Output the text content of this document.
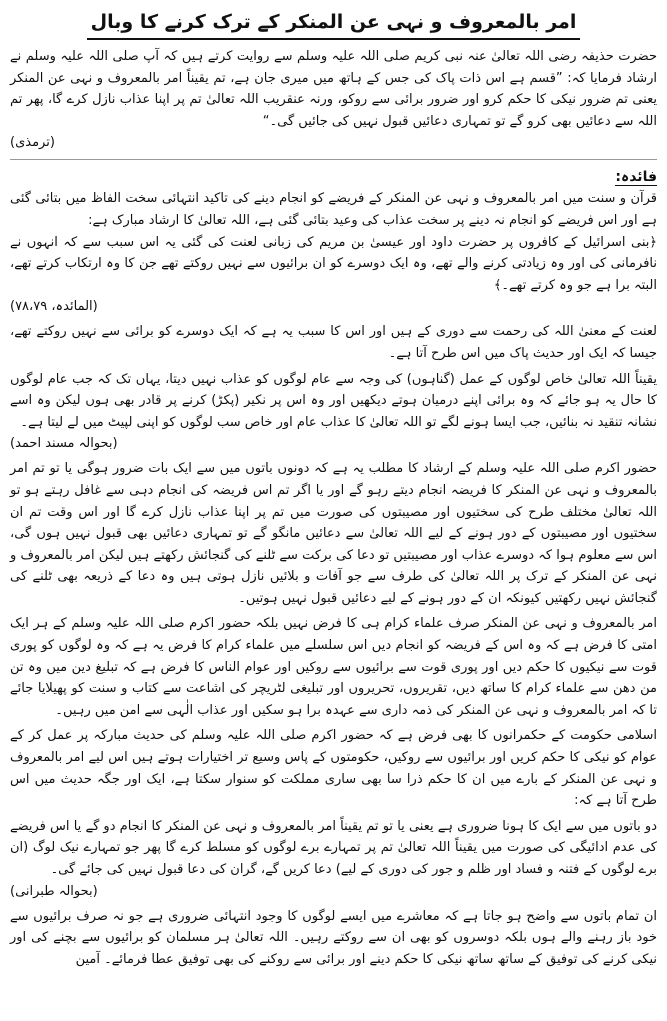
امر بالمعروف و نہی عن المنکر کے ترک کرنے کا وبال

حضرت حذیفہ رضی اللہ تعالیٰ عنہ نبی کریم صلی اللہ علیہ وسلم سے روایت کرتے ہیں کہ آپ صلی اللہ علیہ وسلم نے ارشاد فرمایا کہ: ”قسم ہے اس ذات پاک کی جس کے ہاتھ میں میری جان ہے، تم یقیناً امر بالمعروف و نہی عن المنکر یعنی تم ضرور نیکی کا حکم کرو اور ضرور برائی سے روکو، ورنہ عنقریب اللہ تعالیٰ تم پر اپنا عذاب نازل کرے گا، پھر تم اللہ سے دعائیں بھی کرو گے تو تمہاری دعائیں قبول نہیں کی جائیں گی۔“

(ترمذی)
فائدہ:

قرآن و سنت میں امر بالمعروف و نہی عن المنکر کے فریضے کو انجام دینے کی تاکید انتہائی سخت الفاظ میں بتائی گئی ہے اور اس فریضے کو انجام نہ دینے پر سخت عذاب کی وعید بتائی گئی ہے، اللہ تعالیٰ کا ارشاد مبارک ہے:

﴿بنی اسرائیل کے کافروں پر حضرت داود اور عیسیٰ بن مریم کی زبانی لعنت کی گئی یہ اس سبب سے کہ انہوں نے نافرمانی کی اور وہ زیادتی کرنے والے تھے، وہ ایک دوسرے کو ان برائیوں سے نہیں روکتے تھے جن کا وہ ارتکاب کرتے تھے، البتہ برا ہے جو وہ کرتے تھے۔﴾

(المائدہ، ۷۸،۷۹)

لعنت کے معنیٰ اللہ کی رحمت سے دوری کے ہیں اور اس کا سبب یہ ہے کہ ایک دوسرے کو برائی سے نہیں روکتے تھے، جیسا کہ ایک اور حدیث پاک میں اس طرح آتا ہے۔

یقیناً اللہ تعالیٰ خاص لوگوں کے عمل (گناہوں) کی وجہ سے عام لوگوں کو عذاب نہیں دیتا، یہاں تک کہ جب عام لوگوں کا حال یہ ہو جائے کہ وہ برائی اپنے درمیان ہوتے دیکھیں اور وہ اس پر نکیر (پکڑ) کرنے پر قادر بھی ہوں لیکن وہ اسے نشانہ تنقید نہ بنائیں، جب ایسا ہونے لگے تو اللہ تعالیٰ کا عذاب عام اور خاص سب لوگوں کو اپنی لپیٹ میں لے لیتا ہے۔

(بحوالہ مسند احمد)

حضور اکرم صلی اللہ علیہ وسلم کے ارشاد کا مطلب یہ ہے کہ دونوں باتوں میں سے ایک بات ضرور ہوگی یا تو تم امر بالمعروف و نہی عن المنکر کا فریضہ انجام دیتے رہو گے اور یا اگر تم اس فریضہ کی انجام دہی سے غافل رہتے ہو تو اللہ تعالیٰ مختلف طرح کی سختیوں اور مصیبتوں کی صورت میں تم پر اپنا عذاب نازل کرے گا اور اس وقت تم ان سختیوں اور مصیبتوں کے دور ہونے کے لیے اللہ تعالیٰ سے دعائیں مانگو گے تو تمہاری دعائیں بھی قبول نہیں ہوں گی، اس سے معلوم ہوا کہ دوسرے عذاب اور مصیبتیں تو دعا کی برکت سے ٹلنے کی گنجائش رکھتے ہیں لیکن امر بالمعروف و نہی عن المنکر کے ترک پر اللہ تعالیٰ کی طرف سے جو آفات و بلائیں نازل ہوتی ہیں وہ دعا کے ذریعہ بھی ٹلنے کی گنجائش نہیں رکھتیں کیونکہ ان کے دور ہونے کے لیے دعائیں قبول نہیں ہوتیں۔

امر بالمعروف و نہی عن المنکر صرف علماء کرام ہی کا فرض نہیں بلکہ حضور اکرم صلی اللہ علیہ وسلم کے ہر ایک امتی کا فرض ہے کہ وہ اس کے فریضہ کو انجام دیں اس سلسلے میں علماء کرام کا فرض یہ ہے کہ وہ لوگوں کو پوری قوت سے نیکیوں کا حکم دیں اور پوری قوت سے برائیوں سے روکیں اور عوام الناس کا فرض ہے کہ تبلیغ دین میں وہ تن من دھن سے علماء کرام کا ساتھ دیں، تقریروں، تحریروں اور تبلیغی لٹریچر کی اشاعت سے کتاب و سنت کو پھیلایا جائے تا کہ امر بالمعروف و نہی عن المنکر کی ذمہ داری سے عہدہ برا ہو سکیں اور عذاب الٰہی سے امن میں رہیں۔

اسلامی حکومت کے حکمرانوں کا بھی فرض ہے کہ حضور اکرم صلی اللہ علیہ وسلم کی حدیث مبارکہ پر عمل کر کے عوام کو نیکی کا حکم کریں اور برائیوں سے روکیں، حکومتوں کے پاس وسیع تر اختیارات ہوتے ہیں اس لیے امر بالمعروف و نہی عن المنکر کے بارے میں ان کا حکم ذرا سا بھی ساری مملکت کو سنوار سکتا ہے، ایک اور جگہ حدیث میں اس طرح آتا ہے کہ:

دو باتوں میں سے ایک کا ہونا ضروری ہے یعنی یا تو تم یقیناً امر بالمعروف و نہی عن المنکر کا انجام دو گے یا اس فریضے کی عدم ادائیگی کی صورت میں یقیناً اللہ تعالیٰ تم پر تمہارے برے لوگوں کو مسلط کرے گا پھر جو تمہارے نیک لوگ (ان برے لوگوں کے فتنہ و فساد اور ظلم و جور کی دوری کے لیے) دعا کریں گے، گران کی دعا قبول نہیں کی جائے گی۔

(بحوالہ طبرانی)

ان تمام باتوں سے واضح ہو جاتا ہے کہ معاشرے میں ایسے لوگوں کا وجود انتہائی ضروری ہے جو نہ صرف برائیوں سے خود باز رہنے والے ہوں بلکہ دوسروں کو بھی ان سے روکتے رہیں۔ اللہ تعالیٰ ہر مسلمان کو برائیوں سے بچنے کی اور نیکی کرنے کی توفیق کے ساتھ ساتھ نیکی کا حکم دینے اور برائی سے روکنے کی بھی توفیق عطا فرمائے۔ آمین
